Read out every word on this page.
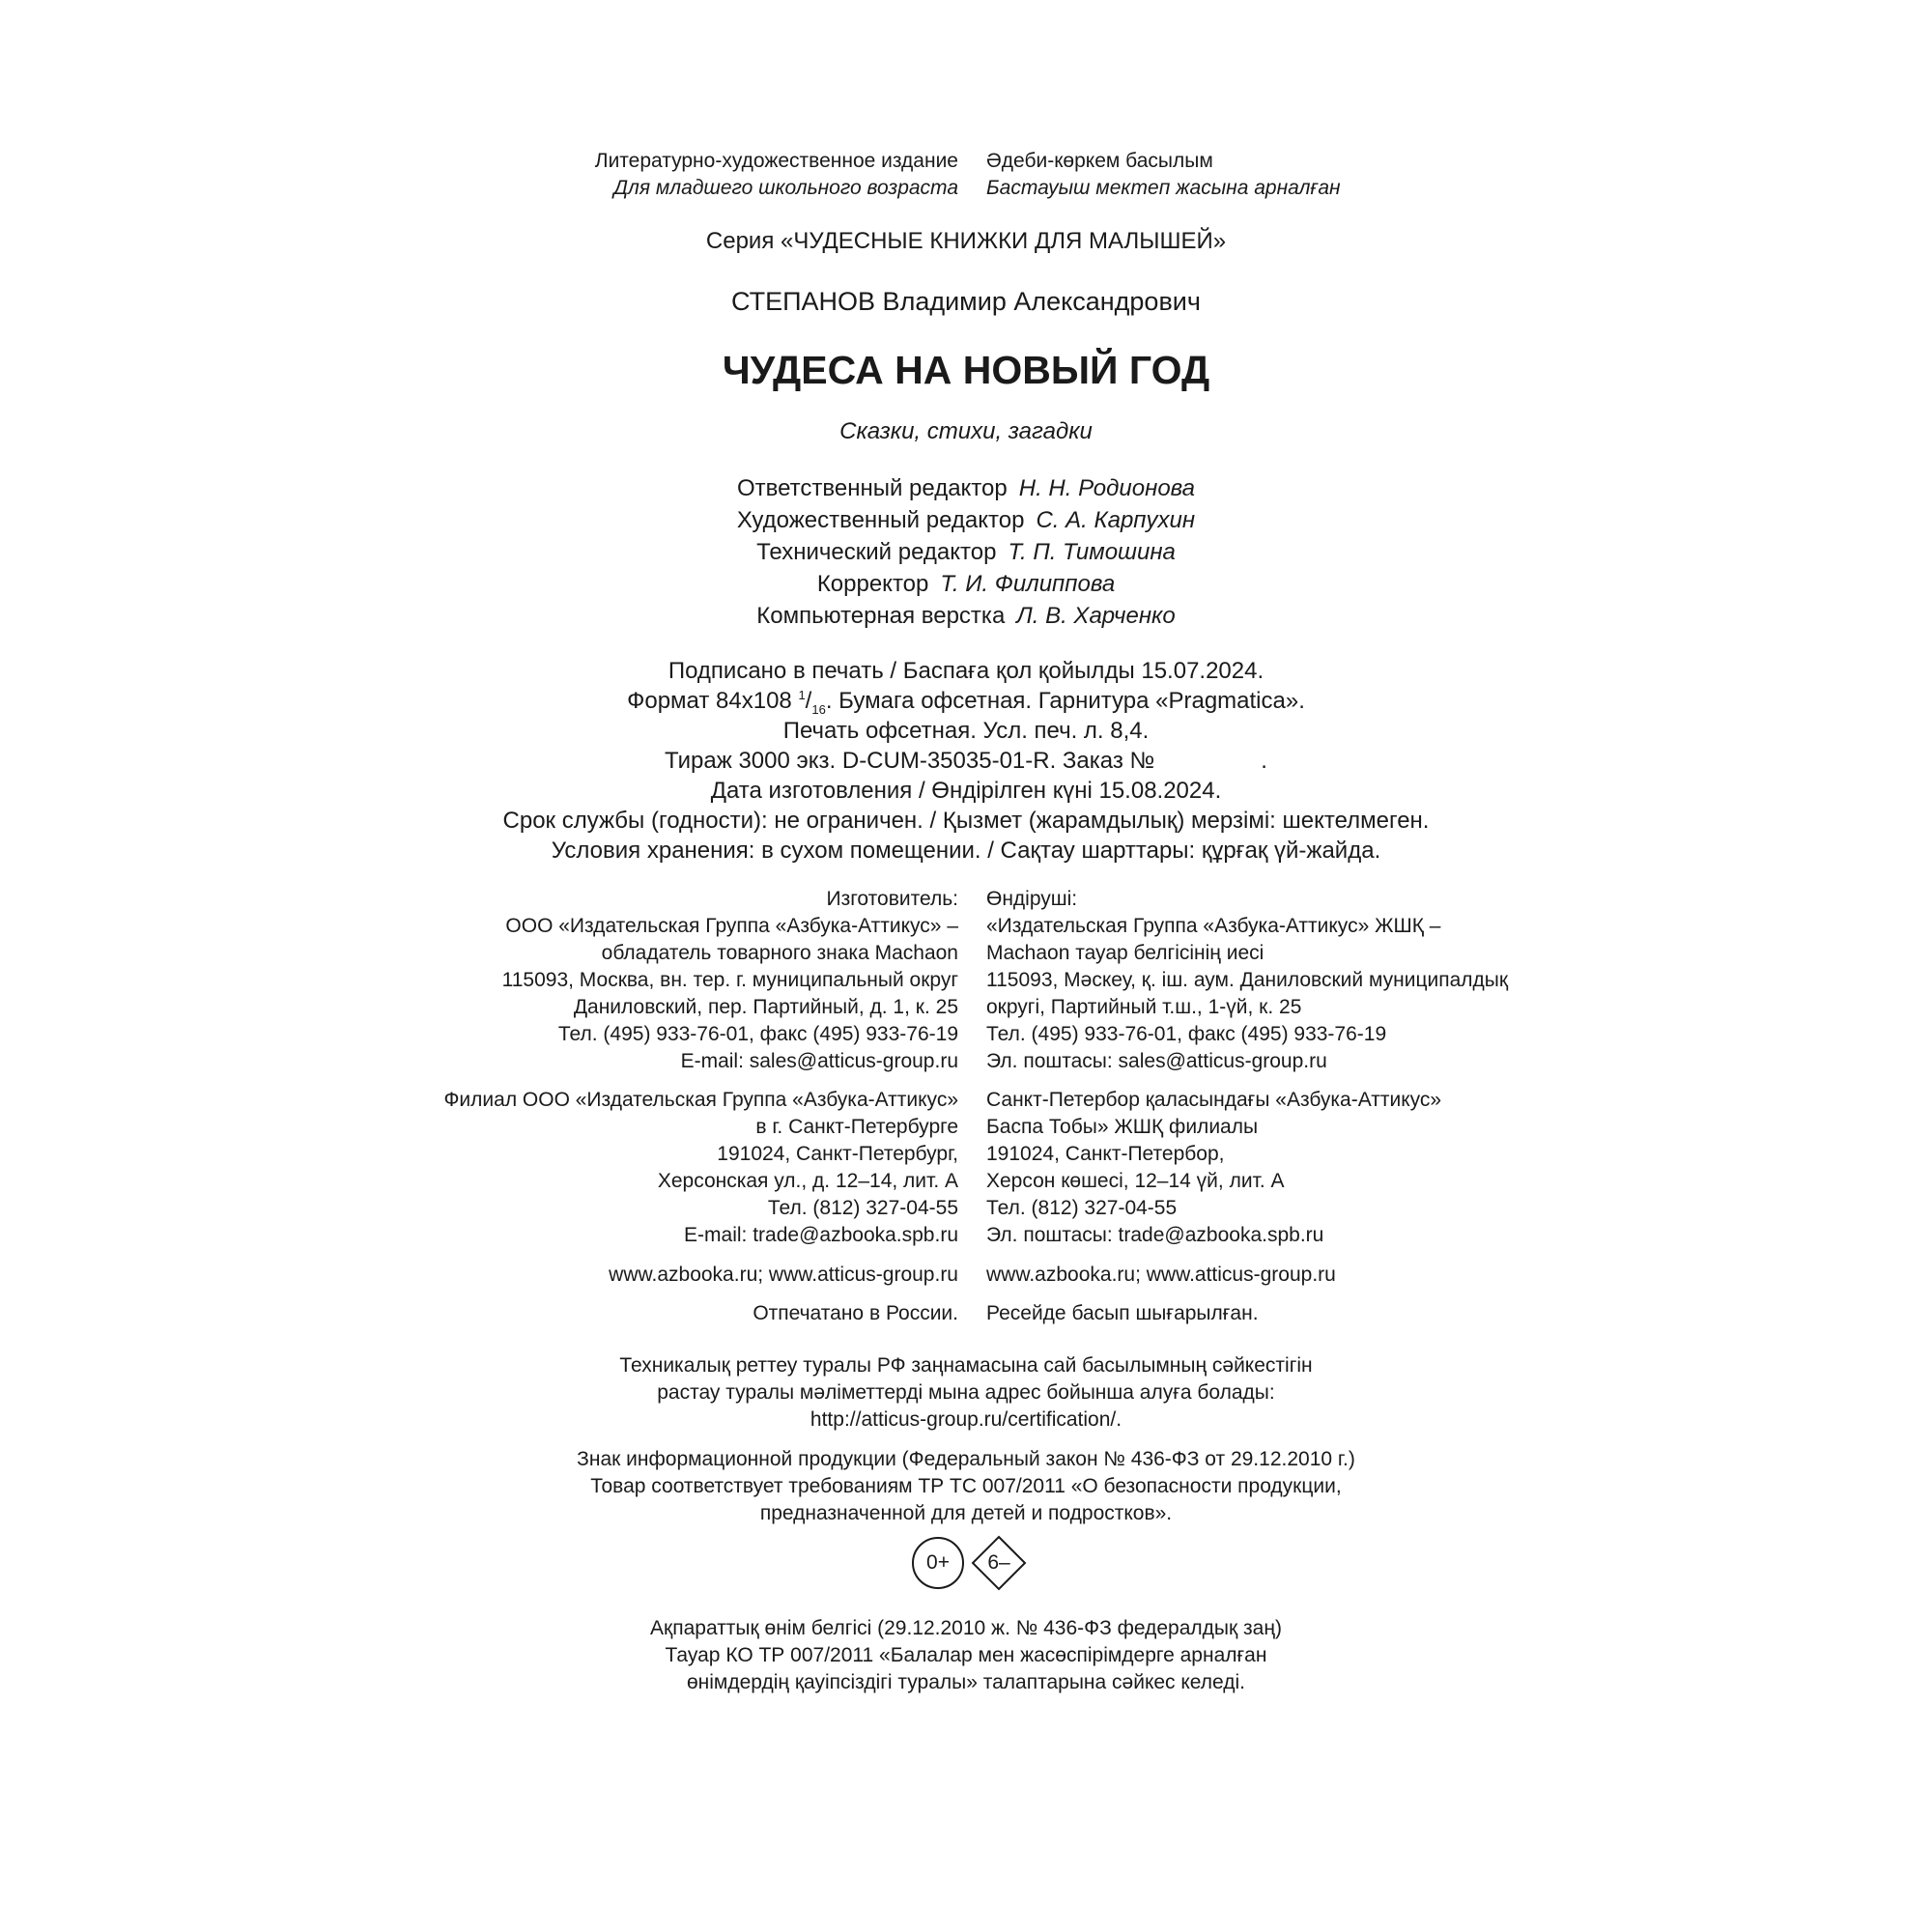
Литературно-художественное издание Әдеби-көркем басылым
Для младшего школьного возраста Бастауыш мектеп жасына арналған
Серия «ЧУДЕСНЫЕ КНИЖКИ ДЛЯ МАЛЫШЕЙ»
СТЕПАНОВ Владимир Александрович
ЧУДЕСА НА НОВЫЙ ГОД
Сказки, стихи, загадки
Ответственный редактор Н. Н. Родионова
Художественный редактор С. А. Карпухин
Технический редактор Т. П. Тимошина
Корректор Т. И. Филиппова
Компьютерная верстка Л. В. Харченко
Подписано в печать / Баспаға қол қойылды 15.07.2024.
Формат 84x108 $^1/_{16}$. Бумага офсетная. Гарнитура «Pragmatica».
Печать офсетная. Усл. печ. л. 8,4.
Тираж 3000 экз. D-CUM-35035-01-R. Заказ №	.
Дата изготовления / Өндірілген күні 15.08.2024.
Срок службы (годности): не ограничен. / Қызмет (жарамдылық) мерзімі: шектелмеген.
Условия хранения: в сухом помещении. / Сақтау шарттары: құрғақ үй-жайда.
Изготовитель: Өндіруші:
ООО «Издательская Группа «Азбука-Аттикус» – «Издательская Группа «Азбука-Аттикус» ЖШҚ –
обладатель товарного знака Machaon Machaon тауар белгісінің иесі
115093, Москва, вн. тер. г. муниципальный округ 115093, Мәскеу, қ. іш. аум. Даниловский муниципалдық
Даниловский, пер. Партийный, д. 1, к. 25 округі, Партийный т.ш., 1-үй, к. 25
Тел. (495) 933-76-01, факс (495) 933-76-19 Тел. (495) 933-76-01, факс (495) 933-76-19
E-mail: sales@atticus-group.ru Эл. поштасы: sales@atticus-group.ru
Филиал ООО «Издательская Группа «Азбука-Аттикус» Санкт-Петербор қаласындағы «Азбука-Аттикус»
в г. Санкт-Петербурге Баспа Тобы» ЖШҚ филиалы
191024, Санкт-Петербург, 191024, Санкт-Петербор,
Херсонская ул., д. 12–14, лит. А Херсон көшесі, 12–14 үй, лит. А
Тел. (812) 327-04-55 Тел. (812) 327-04-55
E-mail: trade@azbooka.spb.ru Эл. поштасы: trade@azbooka.spb.ru
www.azbooka.ru; www.atticus-group.ru www.azbooka.ru; www.atticus-group.ru
Отпечатано в России. Ресейде басып шығарылған.
Техникалық реттеу туралы РФ заңнамасына сай басылымның сәйкестігін
растау туралы мәліметтерді мына адрес бойынша алуға болады:
http://atticus-group.ru/certification/.
Знак информационной продукции (Федеральный закон № 436-ФЗ от 29.12.2010 г.)
Товар соответствует требованиям ТР ТС 007/2011 «О безопасности продукции,
предназначенной для детей и подростков».
0+	6–
Ақпараттық өнім белгісі (29.12.2010 ж. № 436-ФЗ федералдық заң)
Тауар КО ТР 007/2011 «Балалар мен жасөспірімдерге арналған
өнімдердің қауіпсіздігі туралы» талаптарына сәйкес келеді.
